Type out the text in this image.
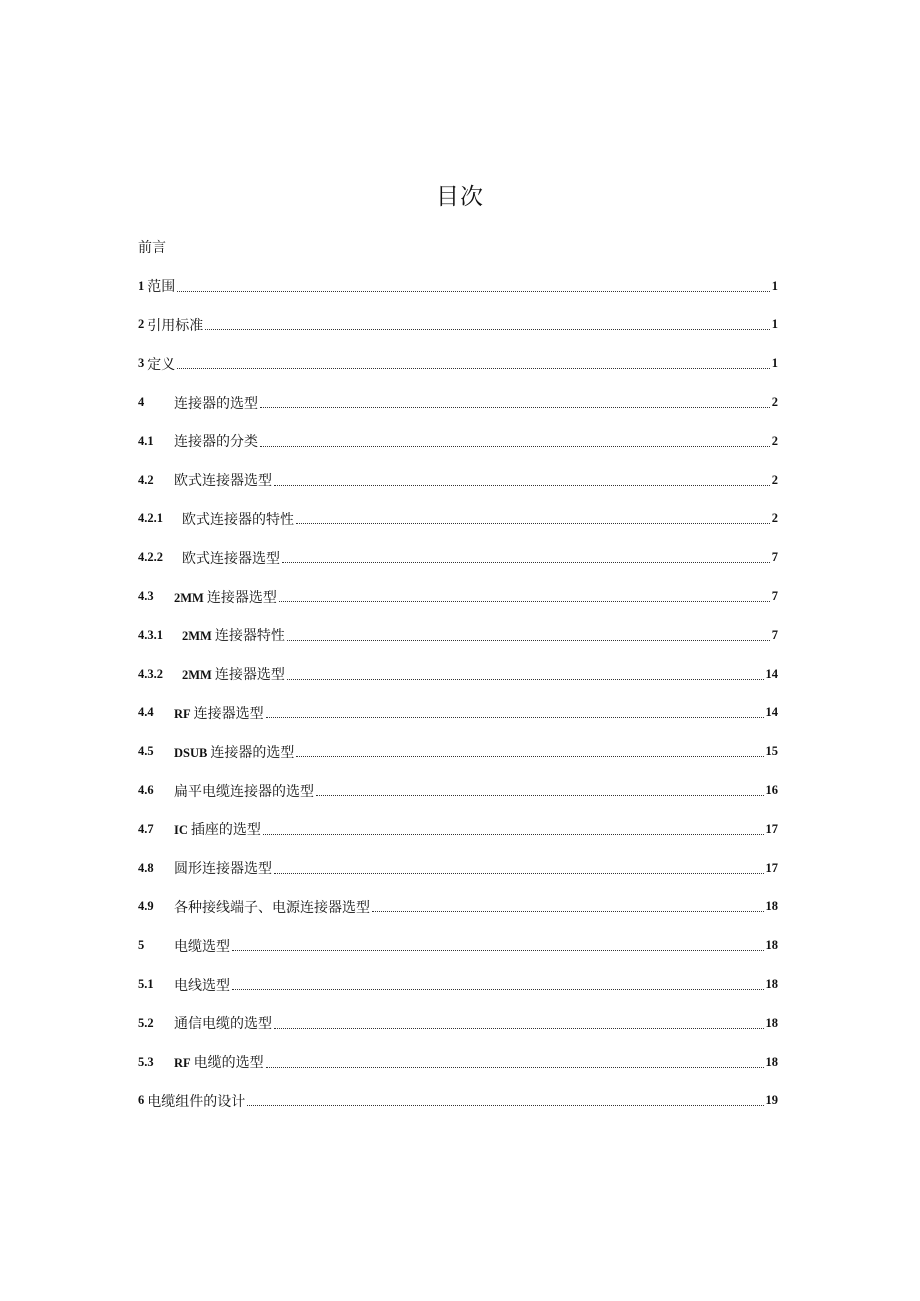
目次
前言
1 范围	1
2 引用标准	1
3 定义	1
4	连接器的选型	2
4.1	连接器的分类	2
4.2	欧式连接器选型	2
4.2.1	欧式连接器的特性	2
4.2.2	欧式连接器选型	7
4.3	2MM 连接器选型	7
4.3.1	2MM 连接器特性	7
4.3.2	2MM 连接器选型	14
4.4	RF 连接器选型	14
4.5	DSUB 连接器的选型	15
4.6	扁平电缆连接器的选型	16
4.7	IC 插座的选型	17
4.8	圆形连接器选型	17
4.9	各种接线端子、电源连接器选型	18
5	电缆选型	18
5.1	电线选型	18
5.2	通信电缆的选型	18
5.3	RF 电缆的选型	18
6 电缆组件的设计	19
